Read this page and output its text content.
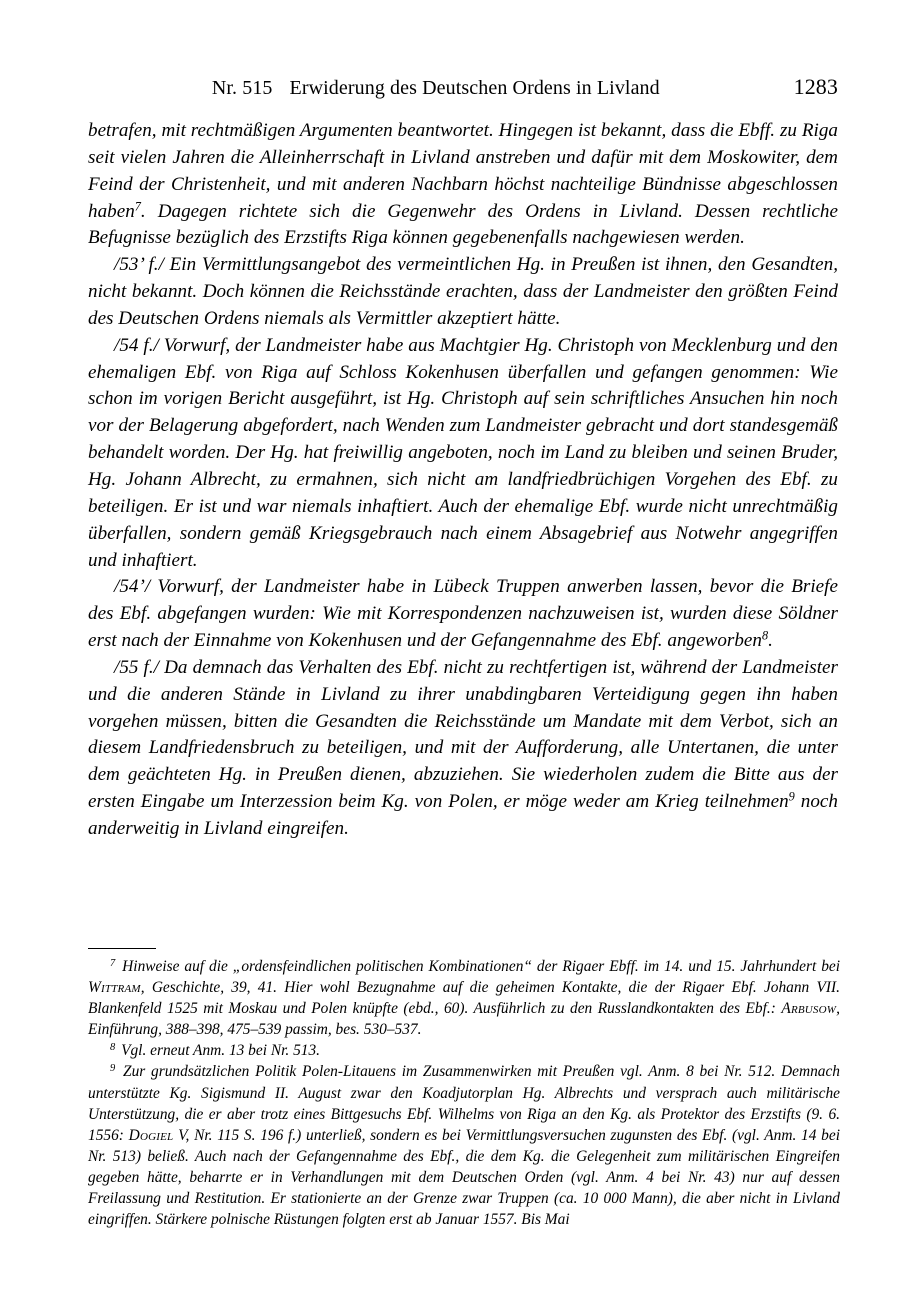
Nr. 515 Erwiderung des Deutschen Ordens in Livland	1283

betrafen, mit rechtmäßigen Argumenten beantwortet. Hingegen ist bekannt, dass die Ebff. zu Riga seit vielen Jahren die Alleinherrschaft in Livland anstreben und dafür mit dem Moskowiter, dem Feind der Christenheit, und mit anderen Nachbarn höchst nachteilige Bündnisse abgeschlossen haben$^7$. Dagegen richtete sich die Gegenwehr des Ordens in Livland. Dessen rechtliche Befugnisse bezüglich des Erzstifts Riga können gegebenenfalls nachgewiesen werden.

/53’ f./ Ein Vermittlungsangebot des vermeintlichen Hg. in Preußen ist ihnen, den Gesandten, nicht bekannt. Doch können die Reichsstände erachten, dass der Landmeister den größten Feind des Deutschen Ordens niemals als Vermittler akzeptiert hätte.

/54 f./ Vorwurf, der Landmeister habe aus Machtgier Hg. Christoph von Mecklenburg und den ehemaligen Ebf. von Riga auf Schloss Kokenhusen überfallen und gefangen genommen: Wie schon im vorigen Bericht ausgeführt, ist Hg. Christoph auf sein schriftliches Ansuchen hin noch vor der Belagerung abgefordert, nach Wenden zum Landmeister gebracht und dort standesgemäß behandelt worden. Der Hg. hat freiwillig angeboten, noch im Land zu bleiben und seinen Bruder, Hg. Johann Albrecht, zu ermahnen, sich nicht am landfriedbrüchigen Vorgehen des Ebf. zu beteiligen. Er ist und war niemals inhaftiert. Auch der ehemalige Ebf. wurde nicht unrechtmäßig überfallen, sondern gemäß Kriegsgebrauch nach einem Absagebrief aus Notwehr angegriffen und inhaftiert.

/54’/ Vorwurf, der Landmeister habe in Lübeck Truppen anwerben lassen, bevor die Briefe des Ebf. abgefangen wurden: Wie mit Korrespondenzen nachzuweisen ist, wurden diese Söldner erst nach der Einnahme von Kokenhusen und der Gefangennahme des Ebf. angeworben$^8$.

/55 f./ Da demnach das Verhalten des Ebf. nicht zu rechtfertigen ist, während der Landmeister und die anderen Stände in Livland zu ihrer unabdingbaren Verteidigung gegen ihn haben vorgehen müssen, bitten die Gesandten die Reichsstände um Mandate mit dem Verbot, sich an diesem Landfriedensbruch zu beteiligen, und mit der Aufforderung, alle Untertanen, die unter dem geächteten Hg. in Preußen dienen, abzuziehen. Sie wiederholen zudem die Bitte aus der ersten Eingabe um Interzession beim Kg. von Polen, er möge weder am Krieg teilnehmen$^9$ noch anderweitig in Livland eingreifen.

$^7$ Hinweise auf die „ordensfeindlichen politischen Kombinationen“ der Rigaer Ebff. im 14. und 15. Jahrhundert bei Wittram, Geschichte, 39, 41. Hier wohl Bezugnahme auf die geheimen Kontakte, die der Rigaer Ebf. Johann VII. Blankenfeld 1525 mit Moskau und Polen knüpfte (ebd., 60). Ausführlich zu den Russlandkontakten des Ebf.: Arbusow, Einführung, 388–398, 475–539 passim, bes. 530–537.

$^8$ Vgl. erneut Anm. 13 bei Nr. 513.

$^9$ Zur grundsätzlichen Politik Polen-Litauens im Zusammenwirken mit Preußen vgl. Anm. 8 bei Nr. 512. Demnach unterstützte Kg. Sigismund II. August zwar den Koadjutorplan Hg. Albrechts und versprach auch militärische Unterstützung, die er aber trotz eines Bittgesuchs Ebf. Wilhelms von Riga an den Kg. als Protektor des Erzstifts (9. 6. 1556: Dogiel V, Nr. 115 S. 196 f.) unterließ, sondern es bei Vermittlungsversuchen zugunsten des Ebf. (vgl. Anm. 14 bei Nr. 513) beließ. Auch nach der Gefangennahme des Ebf., die dem Kg. die Gelegenheit zum militärischen Eingreifen gegeben hätte, beharrte er in Verhandlungen mit dem Deutschen Orden (vgl. Anm. 4 bei Nr. 43) nur auf dessen Freilassung und Restitution. Er stationierte an der Grenze zwar Truppen (ca. 10 000 Mann), die aber nicht in Livland eingriffen. Stärkere polnische Rüstungen folgten erst ab Januar 1557. Bis Mai
